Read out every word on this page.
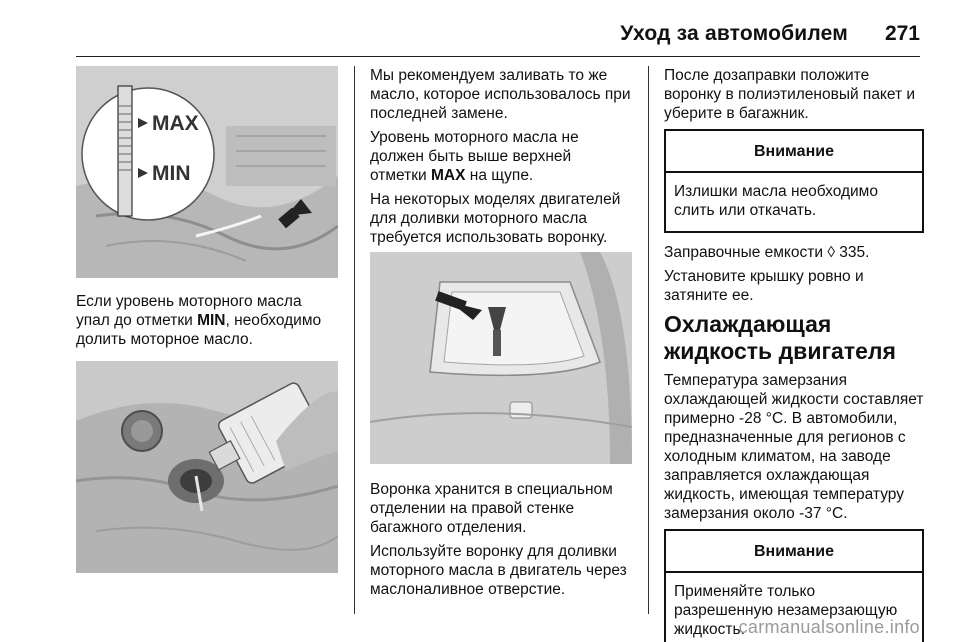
Уход за автомобилем 271
MAX
MIN
Если уровень моторного масла упал до отметки MIN, необходимо долить моторное масло.
Мы рекомендуем заливать то же масло, которое использовалось при последней замене.
Уровень моторного масла не должен быть выше верхней отметки MAX на щупе.
На некоторых моделях двигателей для доливки моторного масла требуется использовать воронку.
Воронка хранится в специальном отделении на правой стенке багажного отделения.
Используйте воронку для доливки моторного масла в двигатель через маслоналивное отверстие.
После дозаправки положите воронку в полиэтиленовый пакет и уберите в багажник.
Внимание
Излишки масла необходимо слить или откачать.
Заправочные емкости ◊ 335.
Установите крышку ровно и затяните ее.
Охлаждающая жидкость двигателя
Температура замерзания охлаждающей жидкости составляет примерно -28 °C. В автомобили, предназначенные для регионов с холодным климатом, на заводе заправляется охлаждающая жидкость, имеющая температуру замерзания около -37 °C.
Внимание
Применяйте только разрешенную незамерзающую жидкость.
carmanualsonline.info
